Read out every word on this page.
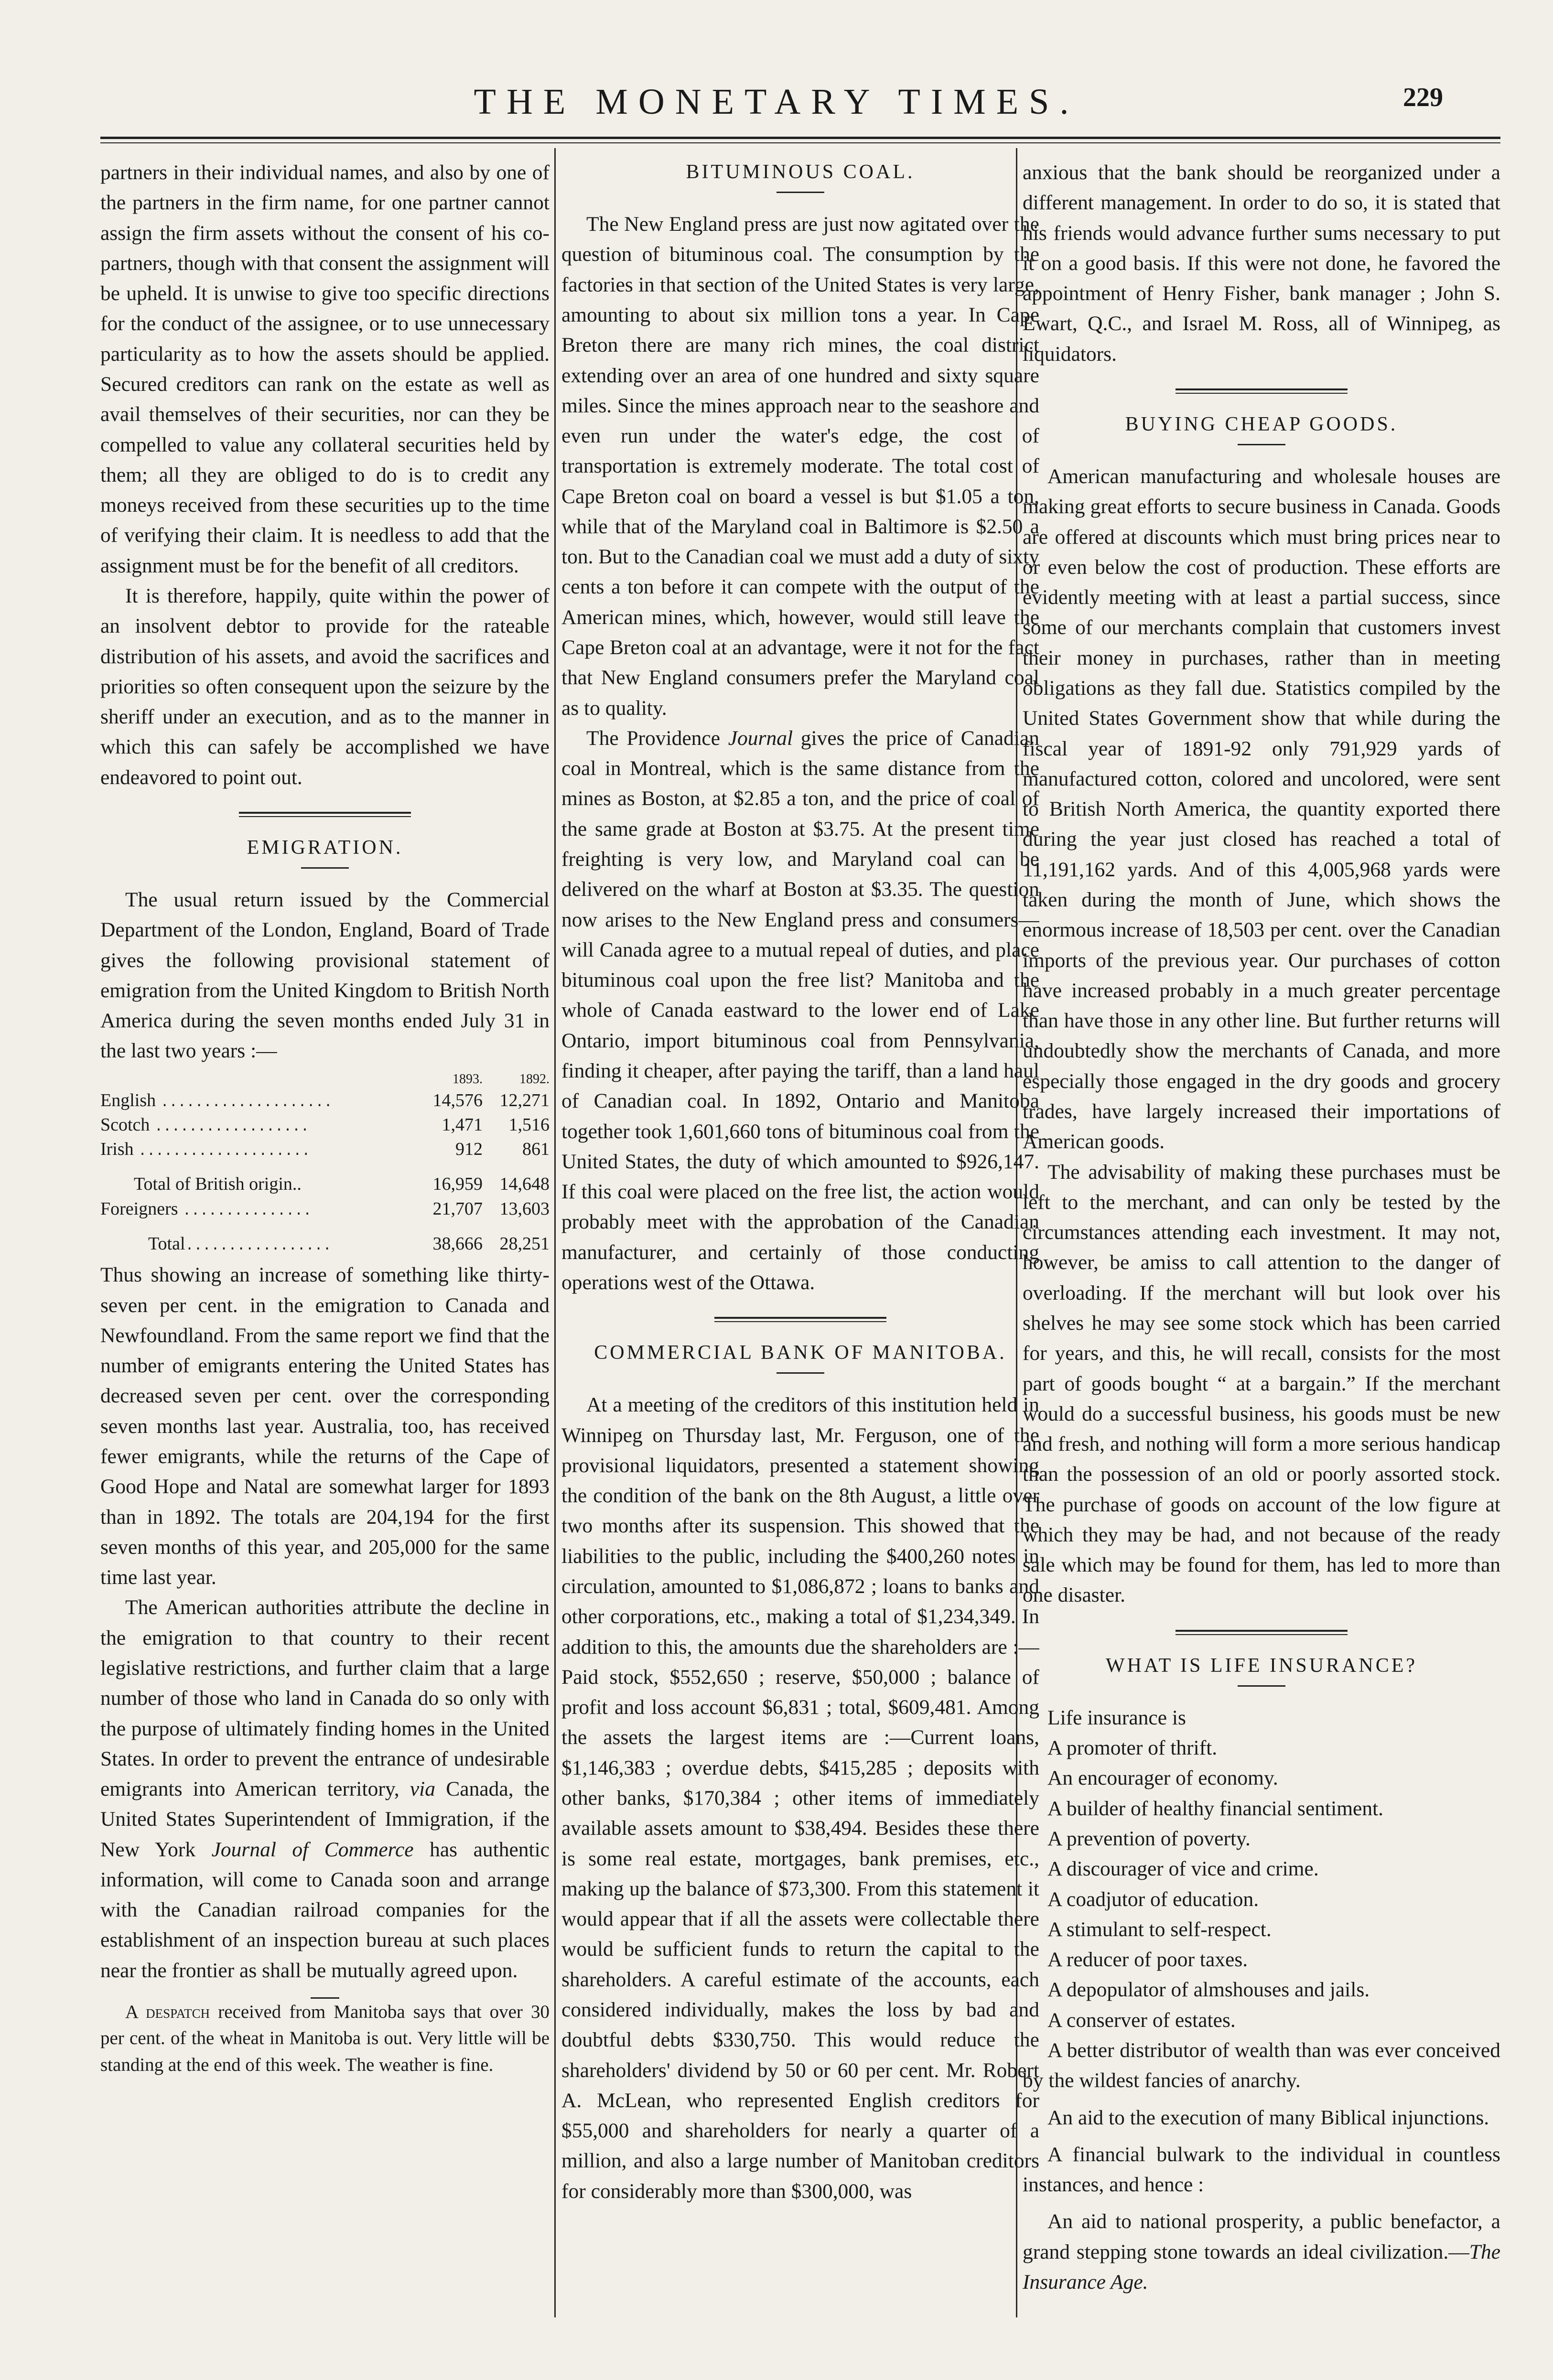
THE MONETARY TIMES.	229

partners in their individual names, and also by one of the partners in the firm name, for one partner cannot assign the firm assets without the consent of his co-partners, though with that consent the assignment will be upheld. It is unwise to give too specific directions for the conduct of the assignee, or to use unnecessary particularity as to how the assets should be applied. Secured creditors can rank on the estate as well as avail themselves of their securities, nor can they be compelled to value any collateral securities held by them; all they are obliged to do is to credit any moneys received from these securities up to the time of verifying their claim. It is needless to add that the assignment must be for the benefit of all creditors.

It is therefore, happily, quite within the power of an insolvent debtor to provide for the rateable distribution of his assets, and avoid the sacrifices and priorities so often consequent upon the seizure by the sheriff under an execution, and as to the manner in which this can safely be accomplished we have endeavored to point out.

EMIGRATION.

The usual return issued by the Commercial Department of the London, England, Board of Trade gives the following provisional statement of emigration from the United Kingdom to British North America during the seven months ended July 31 in the last two years :—

	1893.	1892.
English ....................	14,576	12,271
Scotch ..................	1,471	1,516
Irish ....................	912	861
Total of British origin..	16,959	14,648
Foreigners ...............	21,707	13,603
Total.................	38,666	28,251

Thus showing an increase of something like thirty-seven per cent. in the emigration to Canada and Newfoundland. From the same report we find that the number of emigrants entering the United States has decreased seven per cent. over the corresponding seven months last year. Australia, too, has received fewer emigrants, while the returns of the Cape of Good Hope and Natal are somewhat larger for 1893 than in 1892. The totals are 204,194 for the first seven months of this year, and 205,000 for the same time last year.

The American authorities attribute the decline in the emigration to that country to their recent legislative restrictions, and further claim that a large number of those who land in Canada do so only with the purpose of ultimately finding homes in the United States. In order to prevent the entrance of undesirable emigrants into American territory, via Canada, the United States Superintendent of Immigration, if the New York Journal of Commerce has authentic information, will come to Canada soon and arrange with the Canadian railroad companies for the establishment of an inspection bureau at such places near the frontier as shall be mutually agreed upon.

A despatch received from Manitoba says that over 30 per cent. of the wheat in Manitoba is out. Very little will be standing at the end of this week. The weather is fine.

BITUMINOUS COAL.

The New England press are just now agitated over the question of bituminous coal. The consumption by the factories in that section of the United States is very large, amounting to about six million tons a year. In Cape Breton there are many rich mines, the coal district extending over an area of one hundred and sixty square miles. Since the mines approach near to the seashore and even run under the water's edge, the cost of transportation is extremely moderate. The total cost of Cape Breton coal on board a vessel is but $1.05 a ton, while that of the Maryland coal in Baltimore is $2.50 a ton. But to the Canadian coal we must add a duty of sixty cents a ton before it can compete with the output of the American mines, which, however, would still leave the Cape Breton coal at an advantage, were it not for the fact that New England consumers prefer the Maryland coal as to quality.

The Providence Journal gives the price of Canadian coal in Montreal, which is the same distance from the mines as Boston, at $2.85 a ton, and the price of coal of the same grade at Boston at $3.75. At the present time freighting is very low, and Maryland coal can be delivered on the wharf at Boston at $3.35. The question now arises to the New England press and consumers—will Canada agree to a mutual repeal of duties, and place bituminous coal upon the free list? Manitoba and the whole of Canada eastward to the lower end of Lake Ontario, import bituminous coal from Pennsylvania, finding it cheaper, after paying the tariff, than a land haul of Canadian coal. In 1892, Ontario and Manitoba together took 1,601,660 tons of bituminous coal from the United States, the duty of which amounted to $926,147. If this coal were placed on the free list, the action would probably meet with the approbation of the Canadian manufacturer, and certainly of those conducting operations west of the Ottawa.

COMMERCIAL BANK OF MANITOBA.

At a meeting of the creditors of this institution held in Winnipeg on Thursday last, Mr. Ferguson, one of the provisional liquidators, presented a statement showing the condition of the bank on the 8th August, a little over two months after its suspension. This showed that the liabilities to the public, including the $400,260 notes in circulation, amounted to $1,086,872 ; loans to banks and other corporations, etc., making a total of $1,234,349. In addition to this, the amounts due the shareholders are :—Paid stock, $552,650 ; reserve, $50,000 ; balance of profit and loss account $6,831 ; total, $609,481. Among the assets the largest items are :—Current loans, $1,146,383 ; overdue debts, $415,285 ; deposits with other banks, $170,384 ; other items of immediately available assets amount to $38,494. Besides these there is some real estate, mortgages, bank premises, etc., making up the balance of $73,300. From this statement it would appear that if all the assets were collectable there would be sufficient funds to return the capital to the shareholders. A careful estimate of the accounts, each considered individually, makes the loss by bad and doubtful debts $330,750. This would reduce the shareholders' dividend by 50 or 60 per cent. Mr. Robert A. McLean, who represented English creditors for $55,000 and shareholders for nearly a quarter of a million, and also a large number of Manitoban creditors for considerably more than $300,000, was

anxious that the bank should be reorganized under a different management. In order to do so, it is stated that his friends would advance further sums necessary to put it on a good basis. If this were not done, he favored the appointment of Henry Fisher, bank manager ; John S. Ewart, Q.C., and Israel M. Ross, all of Winnipeg, as liquidators.

BUYING CHEAP GOODS.

American manufacturing and wholesale houses are making great efforts to secure business in Canada. Goods are offered at discounts which must bring prices near to or even below the cost of production. These efforts are evidently meeting with at least a partial success, since some of our merchants complain that customers invest their money in purchases, rather than in meeting obligations as they fall due. Statistics compiled by the United States Government show that while during the fiscal year of 1891-92 only 791,929 yards of manufactured cotton, colored and uncolored, were sent to British North America, the quantity exported there during the year just closed has reached a total of 11,191,162 yards. And of this 4,005,968 yards were taken during the month of June, which shows the enormous increase of 18,503 per cent. over the Canadian imports of the previous year. Our purchases of cotton have increased probably in a much greater percentage than have those in any other line. But further returns will undoubtedly show the merchants of Canada, and more especially those engaged in the dry goods and grocery trades, have largely increased their importations of American goods.

The advisability of making these purchases must be left to the merchant, and can only be tested by the circumstances attending each investment. It may not, however, be amiss to call attention to the danger of overloading. If the merchant will but look over his shelves he may see some stock which has been carried for years, and this, he will recall, consists for the most part of goods bought “ at a bargain.” If the merchant would do a successful business, his goods must be new and fresh, and nothing will form a more serious handicap than the possession of an old or poorly assorted stock. The purchase of goods on account of the low figure at which they may be had, and not because of the ready sale which may be found for them, has led to more than one disaster.

WHAT IS LIFE INSURANCE?

Life insurance is

A promoter of thrift.

An encourager of economy.

A builder of healthy financial sentiment.

A prevention of poverty.

A discourager of vice and crime.

A coadjutor of education.

A stimulant to self-respect.

A reducer of poor taxes.

A depopulator of almshouses and jails.

A conserver of estates.

A better distributor of wealth than was ever conceived by the wildest fancies of anarchy.

An aid to the execution of many Biblical injunctions.

A financial bulwark to the individual in countless instances, and hence :

An aid to national prosperity, a public benefactor, a grand stepping stone towards an ideal civilization.—The Insurance Age.
